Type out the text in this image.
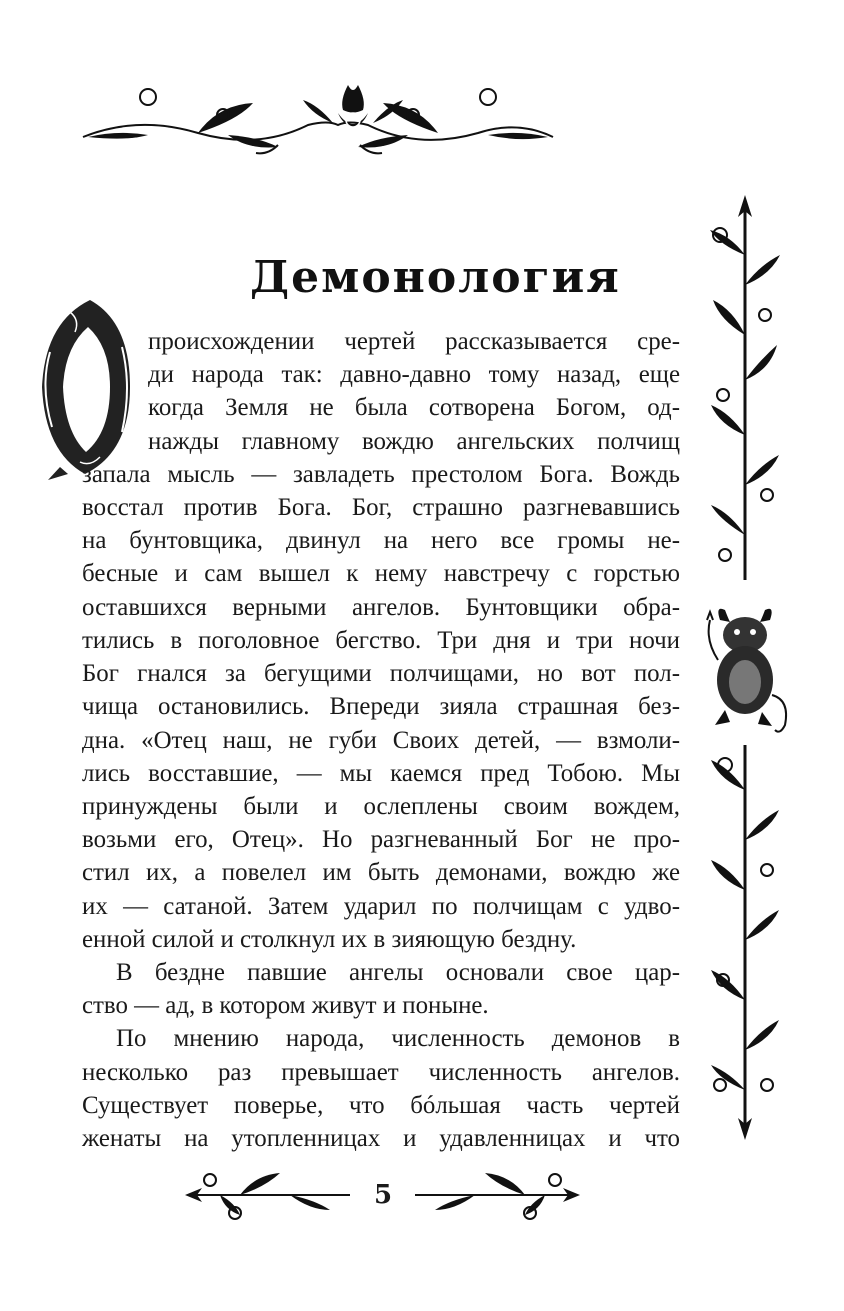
Демонология
О
происхождении чертей рассказывается сре-
ди народа так: давно-давно тому назад, еще
когда Земля не была сотворена Богом, од-
нажды главному вождю ангельских полчищ
запала мысль — завладеть престолом Бога. Вождь
восстал против Бога. Бог, страшно разгневавшись
на бунтовщика, двинул на него все громы не-
бесные и сам вышел к нему навстречу с горстью
оставшихся верными ангелов. Бунтовщики обра-
тились в поголовное бегство. Три дня и три ночи
Бог гнался за бегущими полчищами, но вот пол-
чища остановились. Впереди зияла страшная без-
дна. «Отец наш, не губи Своих детей, — взмоли-
лись восставшие, — мы каемся пред Тобою. Мы
принуждены были и ослеплены своим вождем,
возьми его, Отец». Но разгневанный Бог не про-
стил их, а повелел им быть демонами, вождю же
их — сатаной. Затем ударил по полчищам с удво-
енной силой и столкнул их в зияющую бездну.
В бездне павшие ангелы основали свое цар-
ство — ад, в котором живут и поныне.
По мнению народа, численность демонов в
несколько раз превышает численность ангелов.
Существует поверье, что бóльшая часть чертей
женаты на утопленницах и удавленницах и что
5
